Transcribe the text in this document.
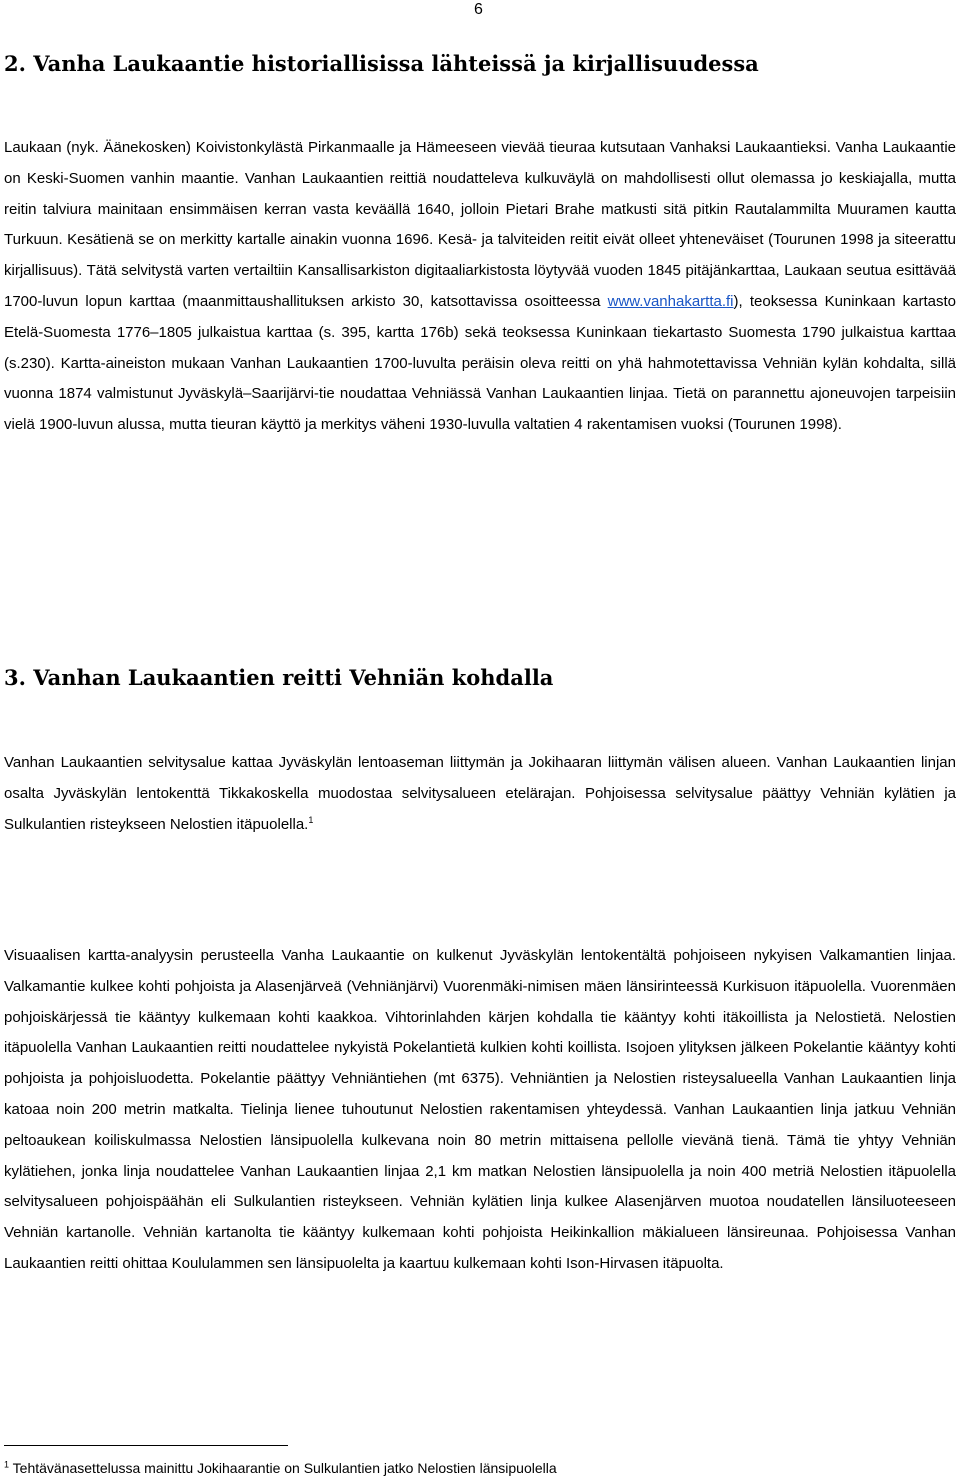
6
2. Vanha Laukaantie historiallisissa lähteissä ja kirjallisuudessa

Laukaan (nyk. Äänekosken) Koivistonkylästä Pirkanmaalle ja Hämeeseen vievää tieuraa kutsutaan Vanhaksi Laukaantieksi. Vanha Laukaantie on Keski-Suomen vanhin maantie. Vanhan Laukaantien reittiä noudatteleva kulkuväylä on mahdollisesti ollut olemassa jo keskiajalla, mutta reitin talviura mainitaan ensimmäisen kerran vasta keväällä 1640, jolloin Pietari Brahe matkusti sitä pitkin Rautalammilta Muuramen kautta Turkuun. Kesätienä se on merkitty kartalle ainakin vuonna 1696. Kesä- ja talviteiden reitit eivät olleet yhteneväiset (Tourunen 1998 ja siteerattu kirjallisuus). Tätä selvitystä varten vertailtiin Kansallisarkiston digitaaliarkistosta löytyvää vuoden 1845 pitäjänkarttaa, Laukaan seutua esittävää 1700-luvun lopun karttaa (maanmittaushallituksen arkisto 30, katsottavissa osoitteessa www.vanhakartta.fi), teoksessa Kuninkaan kartasto Etelä-Suomesta 1776–1805 julkaistua karttaa (s. 395, kartta 176b) sekä teoksessa Kuninkaan tiekartasto Suomesta 1790 julkaistua karttaa (s.230). Kartta-aineiston mukaan Vanhan Laukaantien 1700-luvulta peräisin oleva reitti on yhä hahmotettavissa Vehniän kylän kohdalta, sillä vuonna 1874 valmistunut Jyväskylä–Saarijärvi-tie noudattaa Vehniässä Vanhan Laukaantien linjaa. Tietä on parannettu ajoneuvojen tarpeisiin vielä 1900-luvun alussa, mutta tieuran käyttö ja merkitys väheni 1930-luvulla valtatien 4 rakentamisen vuoksi (Tourunen 1998).

3. Vanhan Laukaantien reitti Vehniän kohdalla

Vanhan Laukaantien selvitysalue kattaa Jyväskylän lentoaseman liittymän ja Jokihaaran liittymän välisen alueen. Vanhan Laukaantien linjan osalta Jyväskylän lentokenttä Tikkakoskella muodostaa selvitysalueen etelärajan. Pohjoisessa selvitysalue päättyy Vehniän kylätien ja Sulkulantien risteykseen Nelostien itäpuolella.$^1$

Visuaalisen kartta-analyysin perusteella Vanha Laukaantie on kulkenut Jyväskylän lentokentältä pohjoiseen nykyisen Valkamantien linjaa. Valkamantie kulkee kohti pohjoista ja Alasenjärveä (Vehniänjärvi) Vuorenmäki-nimisen mäen länsirinteessä Kurkisuon itäpuolella. Vuorenmäen pohjoiskärjessä tie kääntyy kulkemaan kohti kaakkoa. Vihtorinlahden kärjen kohdalla tie kääntyy kohti itäkoillista ja Nelostietä. Nelostien itäpuolella Vanhan Laukaantien reitti noudattelee nykyistä Pokelantietä kulkien kohti koillista. Isojoen ylityksen jälkeen Pokelantie kääntyy kohti pohjoista ja pohjoisluodetta. Pokelantie päättyy Vehniäntiehen (mt 6375). Vehniäntien ja Nelostien risteysalueella Vanhan Laukaantien linja katoaa noin 200 metrin matkalta. Tielinja lienee tuhoutunut Nelostien rakentamisen yhteydessä. Vanhan Laukaantien linja jatkuu Vehniän peltoaukean koiliskulmassa Nelostien länsipuolella kulkevana noin 80 metrin mittaisena pellolle vievänä tienä. Tämä tie yhtyy Vehniän kylätiehen, jonka linja noudattelee Vanhan Laukaantien linjaa 2,1 km matkan Nelostien länsipuolella ja noin 400 metriä Nelostien itäpuolella selvitysalueen pohjoispäähän eli Sulkulantien risteykseen. Vehniän kylätien linja kulkee Alasenjärven muotoa noudatellen länsiluoteeseen Vehniän kartanolle. Vehniän kartanolta tie kääntyy kulkemaan kohti pohjoista Heikinkallion mäkialueen länsireunaa. Pohjoisessa Vanhan Laukaantien reitti ohittaa Koululammen sen länsipuolelta ja kaartuu kulkemaan kohti Ison-Hirvasen itäpuolta.

$^1$ Tehtävänasettelussa mainittu Jokihaarantie on Sulkulantien jatko Nelostien länsipuolella
